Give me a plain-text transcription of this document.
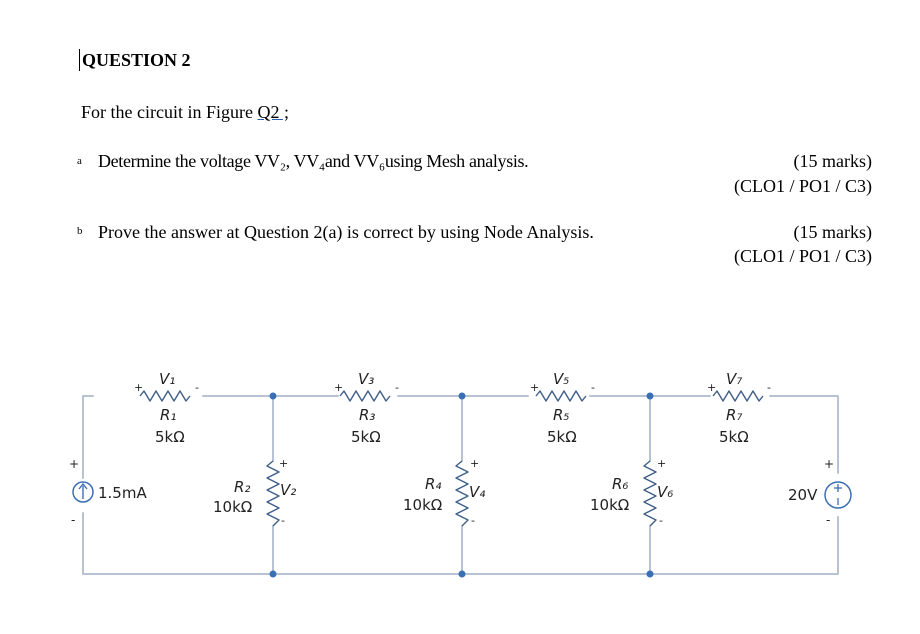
QUESTION 2
For the circuit in Figure Q2 ;
a Determine the voltage VV₂, VV₄and VV₆using Mesh analysis.	(15 marks)
(CLO1 / PO1 / C3)
b Prove the answer at Question 2(a) is correct by using Node Analysis.	(15 marks)
(CLO1 / PO1 / C3)
+
-
1.5mA
+
-
20V
V₁
+	-
R₁
5kΩ
V₃
+	-
R₃
5kΩ
V₅
+	-
R₅
5kΩ
V₇
+	-
R₇
5kΩ
R₂
10kΩ
V₂
+
-
R₄
10kΩ
V₄
+
-
R₆
10kΩ
V₆
+
-
